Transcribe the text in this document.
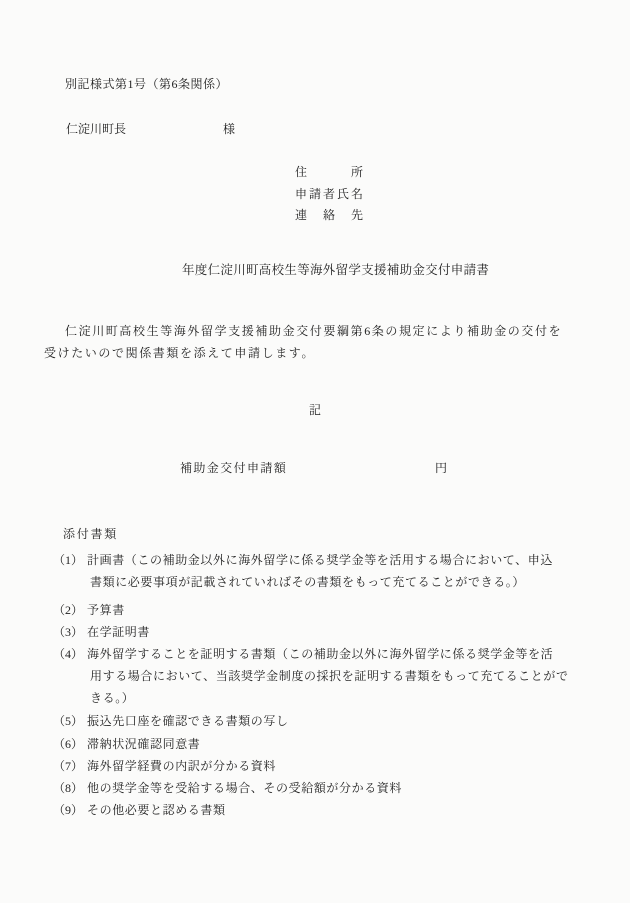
別記様式第1号（第6条関係）
仁淀川町長	様
住所
申請者氏名
連絡先
年度仁淀川町高校生等海外留学支援補助金交付申請書
仁淀川町高校生等海外留学支援補助金交付要綱第6条の規定により補助金の交付を
受けたいので関係書類を添えて申請します。
記
補助金交付申請額	円
添付書類
（1） 計画書（この補助金以外に海外留学に係る奨学金等を活用する場合において、申込
書類に必要事項が記載されていればその書類をもって充てることができる。）
（2） 予算書
（3） 在学証明書
（4） 海外留学することを証明する書類（この補助金以外に海外留学に係る奨学金等を活
用する場合において、当該奨学金制度の採択を証明する書類をもって充てることがで
きる。）
（5） 振込先口座を確認できる書類の写し
（6） 滞納状況確認同意書
（7） 海外留学経費の内訳が分かる資料
（8） 他の奨学金等を受給する場合、その受給額が分かる資料
（9） その他必要と認める書類
